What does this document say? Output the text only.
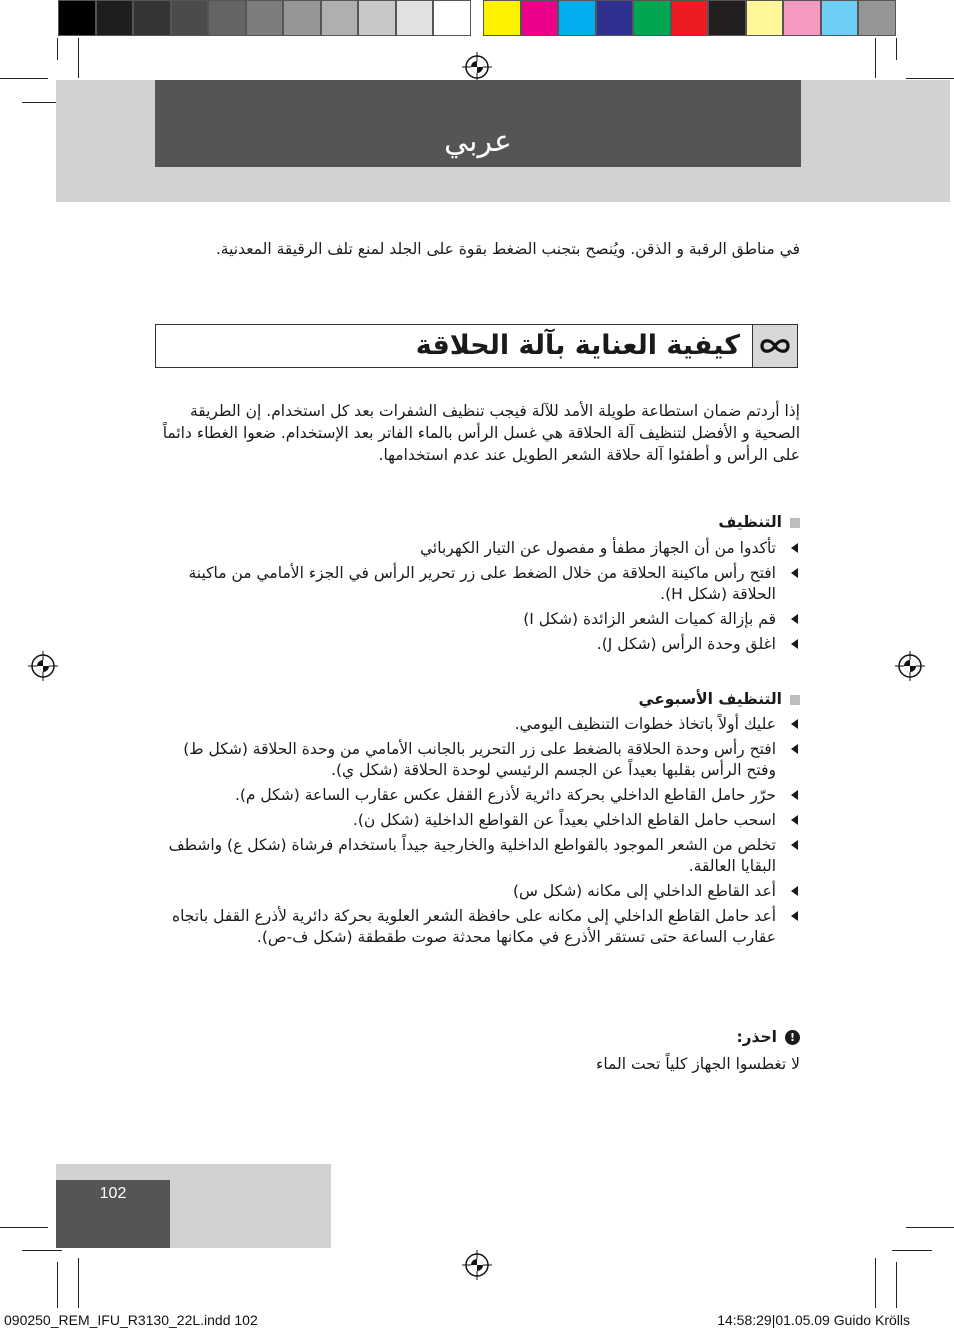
عربي
في مناطق الرقبة و الذقن. ويُنصح بتجنب الضغط بقوة على الجلد لمنع تلف الرقيقة المعدنية.
كيفية العناية بآلة الحلاقة
إذا أردتم ضمان استطاعة طويلة الأمد للآلة فيجب تنظيف الشفرات بعد كل استخدام. إن الطريقة الصحية و الأفضل لتنظيف آلة الحلاقة هي غسل الرأس بالماء الفاتر بعد الإستخدام. ضعوا الغطاء دائماً على الرأس و أطفئوا آلة حلاقة الشعر الطويل عند عدم استخدامها.
التنظيف
تأكدوا من أن الجهاز مطفأ و مفصول عن التيار الكهربائي
افتح رأس ماكينة الحلاقة من خلال الضغط على زر تحرير الرأس في الجزء الأمامي من ماكينة الحلاقة (شكل H).
قم بإزالة كميات الشعر الزائدة (شكل I)
اغلق وحدة الرأس (شكل J).
التنظيف الأسبوعي
عليك أولاً باتخاذ خطوات التنظيف اليومي.
افتح رأس وحدة الحلاقة بالضغط على زر التحرير بالجانب الأمامي من وحدة الحلاقة (شكل ط) وفتح الرأس بقلبها بعيداً عن الجسم الرئيسي لوحدة الحلاقة (شكل ي).
حرّر حامل القاطع الداخلي بحركة دائرية لأذرع القفل عكس عقارب الساعة (شكل م).
اسحب حامل القاطع الداخلي بعيداً عن القواطع الداخلية (شكل ن).
تخلص من الشعر الموجود بالقواطع الداخلية والخارجية جيداً باستخدام فرشاة (شكل ع) واشطف البقايا العالقة.
أعد القاطع الداخلي إلى مكانه (شكل س)
أعد حامل القاطع الداخلي إلى مكانه على حافظة الشعر العلوية بحركة دائرية لأذرع القفل باتجاه عقارب الساعة حتى تستقر الأذرع في مكانها محدثة صوت طقطقة (شكل ف-ص).
!احذر:
لا تغطسوا الجهاز كلياً تحت الماء
102
090250_REM_IFU_R3130_22L.indd 102	14:58:29|01.05.09 Guido Krölls
